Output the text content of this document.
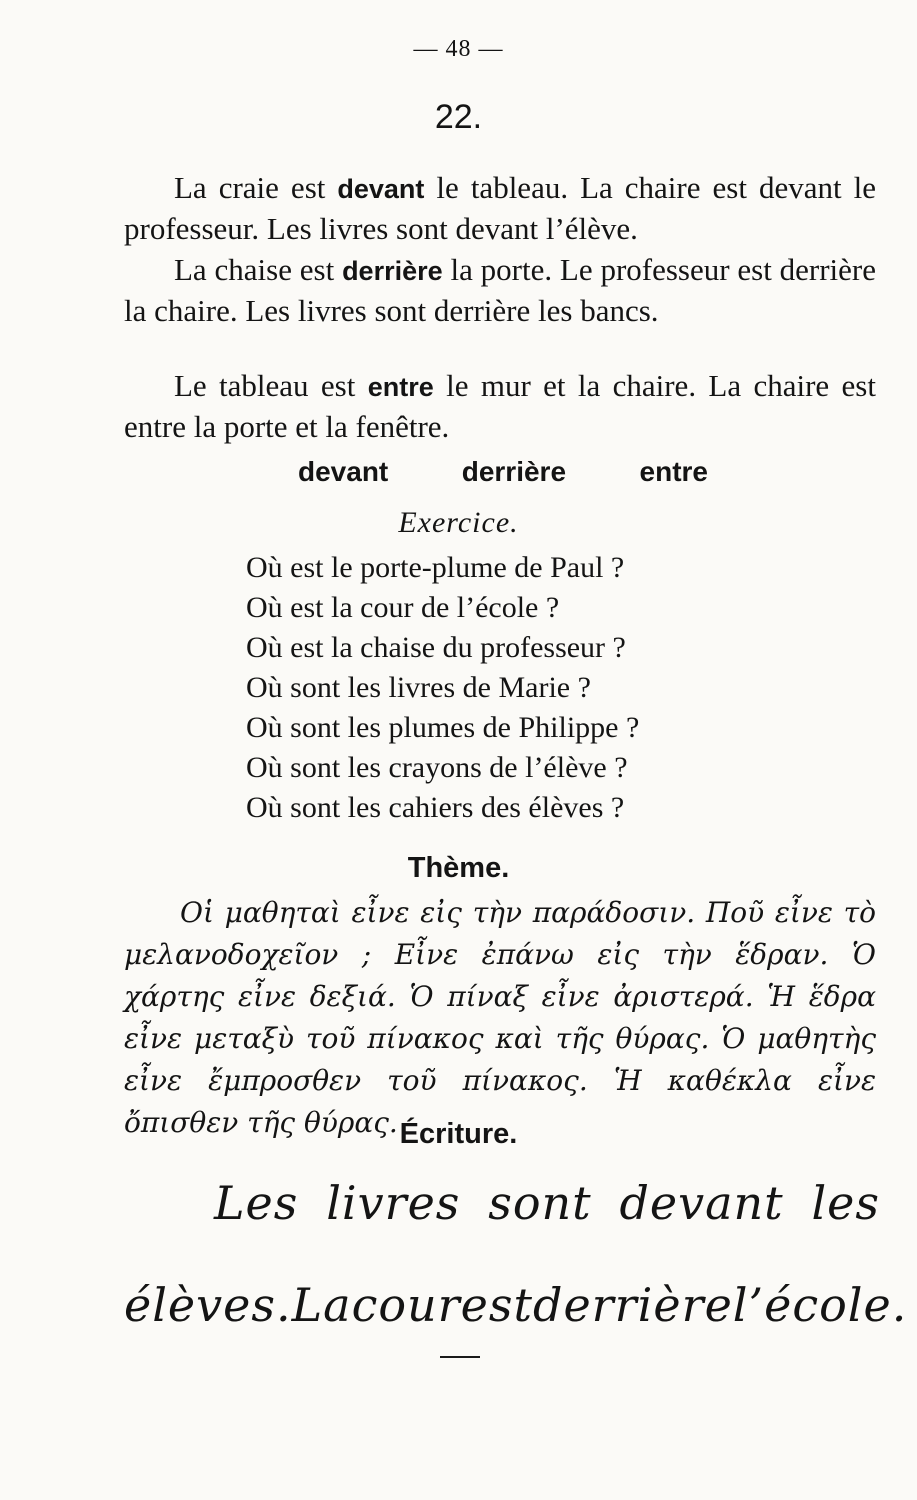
— 48 —
22.

La craie est devant le tableau. La chaire est devant le professeur. Les livres sont devant l’élève.

La chaise est derrière la porte. Le professeur est derrière la chaire. Les livres sont derrière les bancs.

Le tableau est entre le mur et la chaire. La chaire est entre la porte et la fenêtre.

devant	derrière	entre
Exercice.
Où est le porte-plume de Paul ?
Où est la cour de l’école ?
Où est la chaise du professeur ?
Où sont les livres de Marie ?
Où sont les plumes de Philippe ?
Où sont les crayons de l’élève ?
Où sont les cahiers des élèves ?
Thème.

Οἱ μαθηταὶ εἶνε εἰς τὴν παράδοσιν. Ποῦ εἶνε τὸ μελανοδοχεῖον ; Εἶνε ἐπάνω εἰς τὴν ἕδραν. Ὁ χάρτης εἶνε δεξιά. Ὁ πίναξ εἶνε ἀριστερά. Ἡ ἕδρα εἶνε μεταξὺ τοῦ πίνακος καὶ τῆς θύρας. Ὁ μαθητὴς εἶνε ἔμπροσθεν τοῦ πίνακος. Ἡ καθέκλα εἶνε ὄπισθεν τῆς θύρας. Écriture.
Les livres sont devant les
élèves. La cour est derrière l’école.
